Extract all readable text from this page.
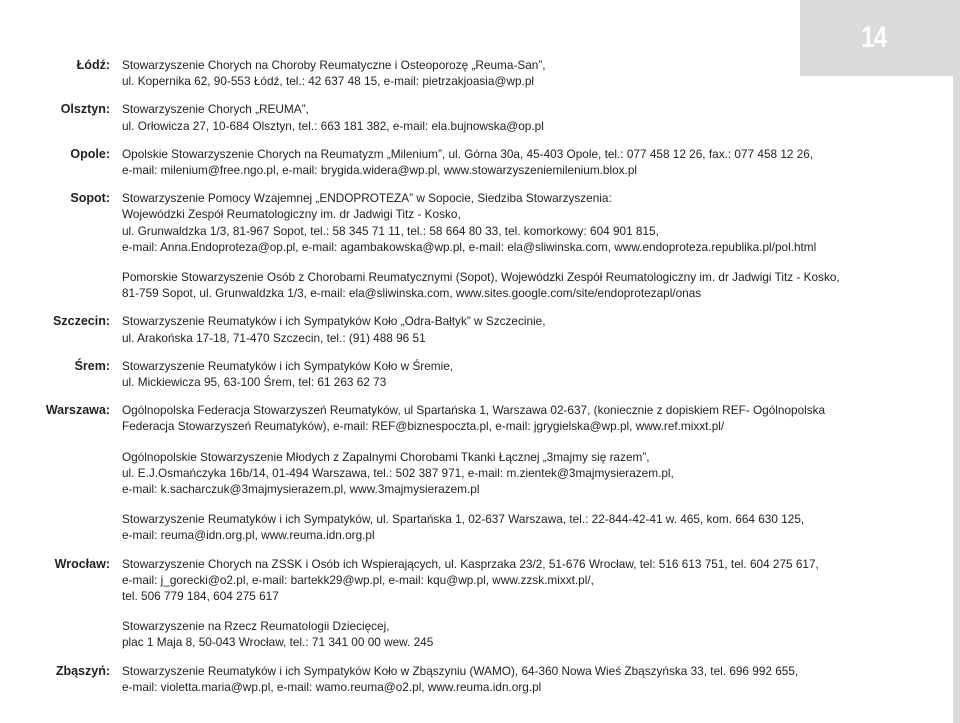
14
Łódź: Stowarzyszenie Chorych na Choroby Reumatyczne i Osteoporozę „Reuma-San”,
ul. Kopernika 62, 90-553 Łódź, tel.: 42 637 48 15, e-mail: pietrzakjoasia@wp.pl
Olsztyn: Stowarzyszenie Chorych „REUMA”,
ul. Orłowicza 27, 10-684 Olsztyn, tel.: 663 181 382, e-mail: ela.bujnowska@op.pl
Opole: Opolskie Stowarzyszenie Chorych na Reumatyzm „Milenium”, ul. Górna 30a, 45-403 Opole, tel.: 077 458 12 26, fax.: 077 458 12 26,
e-mail: milenium@free.ngo.pl, e-mail: brygida.widera@wp.pl, www.stowarzyszeniemilenium.blox.pl
Sopot: Stowarzyszenie Pomocy Wzajemnej „ENDOPROTEZA” w Sopocie, Siedziba Stowarzyszenia:
Wojewódzki Zespół Reumatologiczny im. dr Jadwigi Titz - Kosko,
ul. Grunwaldzka 1/3, 81-967 Sopot, tel.: 58 345 71 11, tel.: 58 664 80 33, tel. komorkowy: 604 901 815,
e-mail: Anna.Endoproteza@op.pl, e-mail: agambakowska@wp.pl, e-mail: ela@sliwinska.com, www.endoproteza.republika.pl/pol.html
Pomorskie Stowarzyszenie Osób z Chorobami Reumatycznymi (Sopot), Wojewódzki Zespół Reumatologiczny im. dr Jadwigi Titz - Kosko,
81-759 Sopot, ul. Grunwaldzka 1/3, e-mail: ela@sliwinska.com, www.sites.google.com/site/endoprotezapl/onas
Szczecin: Stowarzyszenie Reumatyków i ich Sympatyków Koło „Odra-Bałtyk” w Szczecinie,
ul. Arakońska 17-18, 71-470 Szczecin, tel.: (91) 488 96 51
Śrem: Stowarzyszenie Reumatyków i ich Sympatyków Koło w Śremie,
ul. Mickiewicza 95, 63-100 Śrem, tel: 61 263 62 73
Warszawa: Ogólnopolska Federacja Stowarzyszeń Reumatyków, ul Spartańska 1, Warszawa 02-637, (koniecznie z dopiskiem REF- Ogólnopolska
Federacja Stowarzyszeń Reumatyków), e-mail: REF@biznespoczta.pl, e-mail: jgrygielska@wp.pl, www.ref.mixxt.pl/
Ogólnopolskie Stowarzyszenie Młodych z Zapalnymi Chorobami Tkanki Łącznej „3majmy się razem”,
ul. E.J.Osmańczyka 16b/14, 01-494 Warszawa, tel.: 502 387 971, e-mail: m.zientek@3majmysierazem.pl,
e-mail: k.sacharczuk@3majmysierazem.pl, www.3majmysierazem.pl
Stowarzyszenie Reumatyków i ich Sympatyków, ul. Spartańska 1, 02-637 Warszawa, tel.: 22-844-42-41 w. 465, kom. 664 630 125,
e-mail: reuma@idn.org.pl, www.reuma.idn.org.pl
Wrocław: Stowarzyszenie Chorych na ZSSK i Osób ich Wspierających, ul. Kasprzaka 23/2, 51-676 Wrocław, tel: 516 613 751, tel. 604 275 617,
e-mail: j_gorecki@o2.pl, e-mail: bartekk29@wp.pl, e-mail: kqu@wp.pl, www.zzsk.mixxt.pl/,
tel. 506 779 184, 604 275 617
Stowarzyszenie na Rzecz Reumatologii Dziecięcej,
plac 1 Maja 8, 50-043 Wrocław, tel.: 71 341 00 00 wew. 245
Zbąszyń: Stowarzyszenie Reumatyków i ich Sympatyków Koło w Zbąszyniu (WAMO), 64-360 Nowa Wieś Zbąszyńska 33, tel. 696 992 655,
e-mail: violetta.maria@wp.pl, e-mail: wamo.reuma@o2.pl, www.reuma.idn.org.pl
